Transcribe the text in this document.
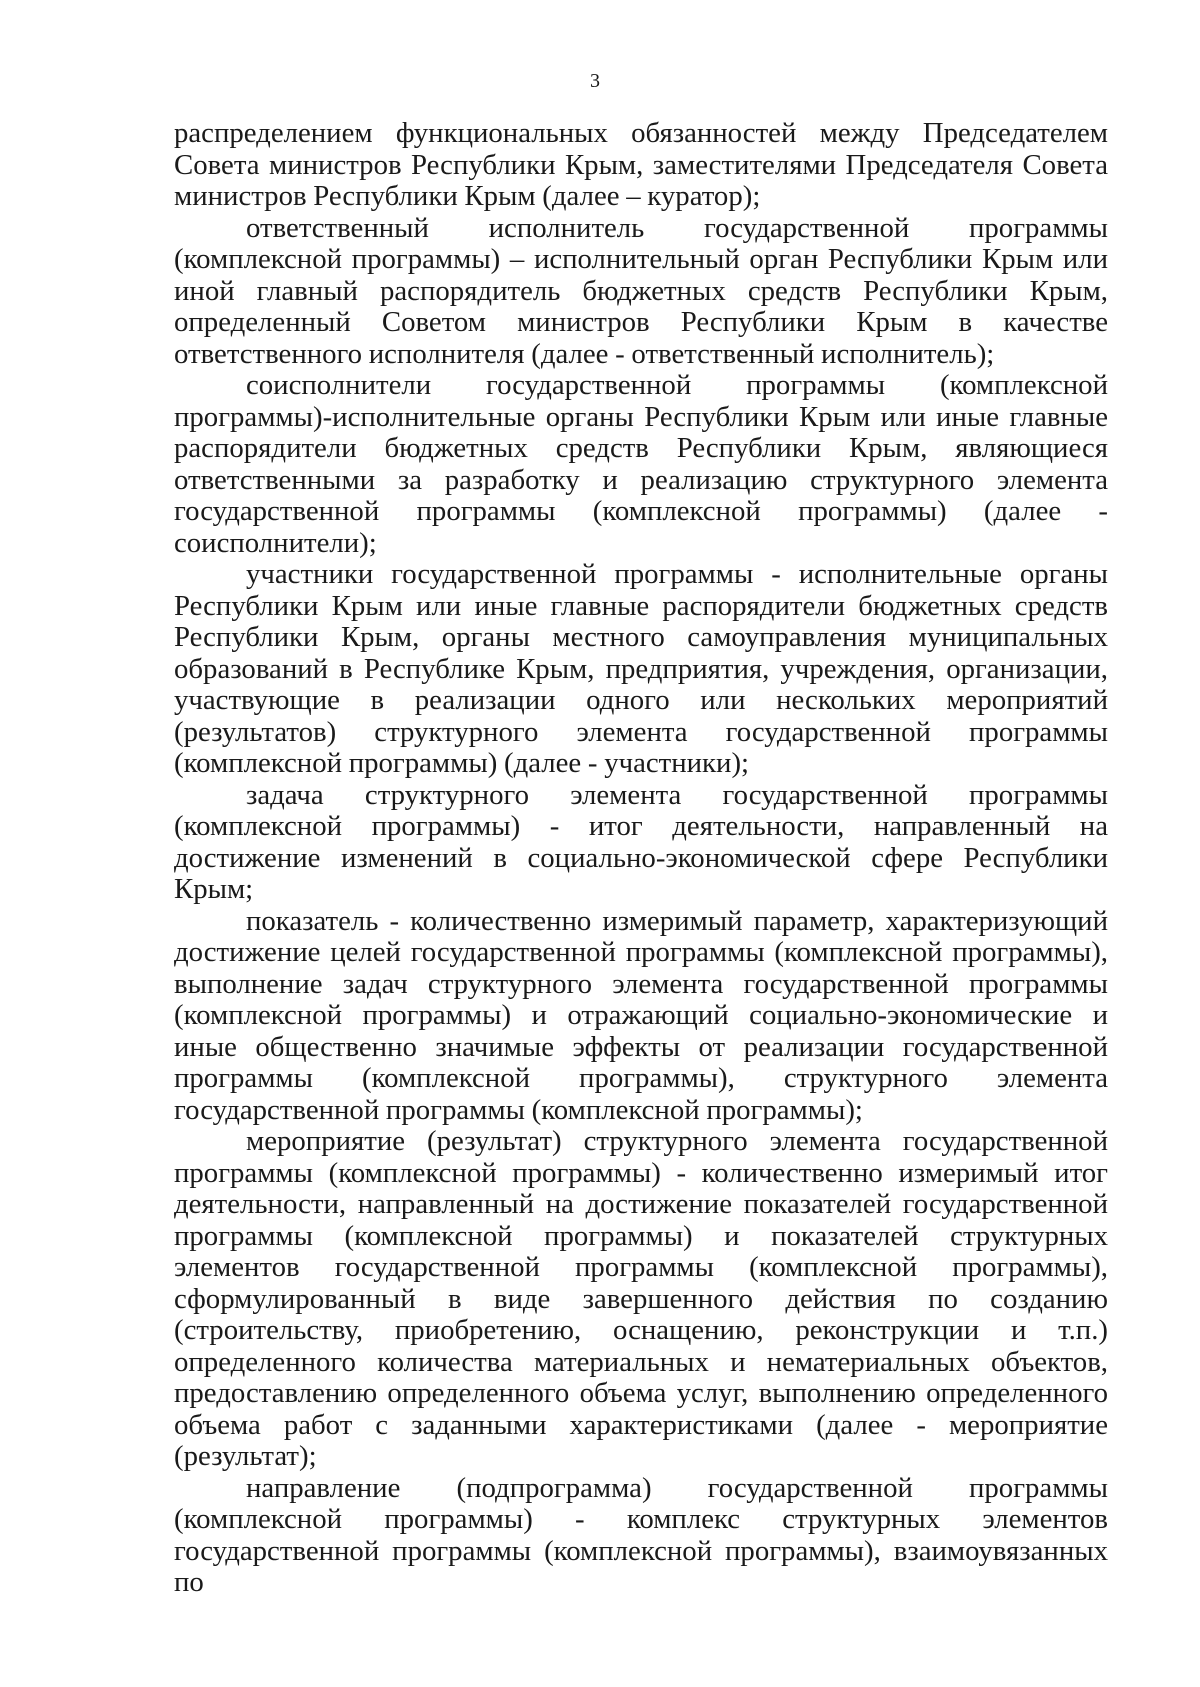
3

распределением функциональных обязанностей между Председателем Совета министров Республики Крым, заместителями Председателя Совета министров Республики Крым (далее – куратор);

ответственный исполнитель государственной программы (комплексной программы) – исполнительный орган Республики Крым или иной главный распорядитель бюджетных средств Республики Крым, определенный Советом министров Республики Крым в качестве ответственного исполнителя (далее - ответственный исполнитель);

соисполнители государственной программы (комплексной программы)-исполнительные органы Республики Крым или иные главные распорядители бюджетных средств Республики Крым, являющиеся ответственными за разработку и реализацию структурного элемента государственной программы (комплексной программы) (далее - соисполнители);

участники государственной программы - исполнительные органы Республики Крым или иные главные распорядители бюджетных средств Республики Крым, органы местного самоуправления муниципальных образований в Республике Крым, предприятия, учреждения, организации, участвующие в реализации одного или нескольких мероприятий (результатов) структурного элемента государственной программы (комплексной программы) (далее - участники);

задача структурного элемента государственной программы (комплексной программы) - итог деятельности, направленный на достижение изменений в социально-экономической сфере Республики Крым;

показатель - количественно измеримый параметр, характеризующий достижение целей государственной программы (комплексной программы), выполнение задач структурного элемента государственной программы (комплексной программы) и отражающий социально-экономические и иные общественно значимые эффекты от реализации государственной программы (комплексной программы), структурного элемента государственной программы (комплексной программы);

мероприятие (результат) структурного элемента государственной программы (комплексной программы) - количественно измеримый итог деятельности, направленный на достижение показателей государственной программы (комплексной программы) и показателей структурных элементов государственной программы (комплексной программы), сформулированный в виде завершенного действия по созданию (строительству, приобретению, оснащению, реконструкции и т.п.) определенного количества материальных и нематериальных объектов, предоставлению определенного объема услуг, выполнению определенного объема работ с заданными характеристиками (далее - мероприятие (результат);

направление (подпрограмма) государственной программы (комплексной программы) - комплекс структурных элементов государственной программы (комплексной программы), взаимоувязанных по
